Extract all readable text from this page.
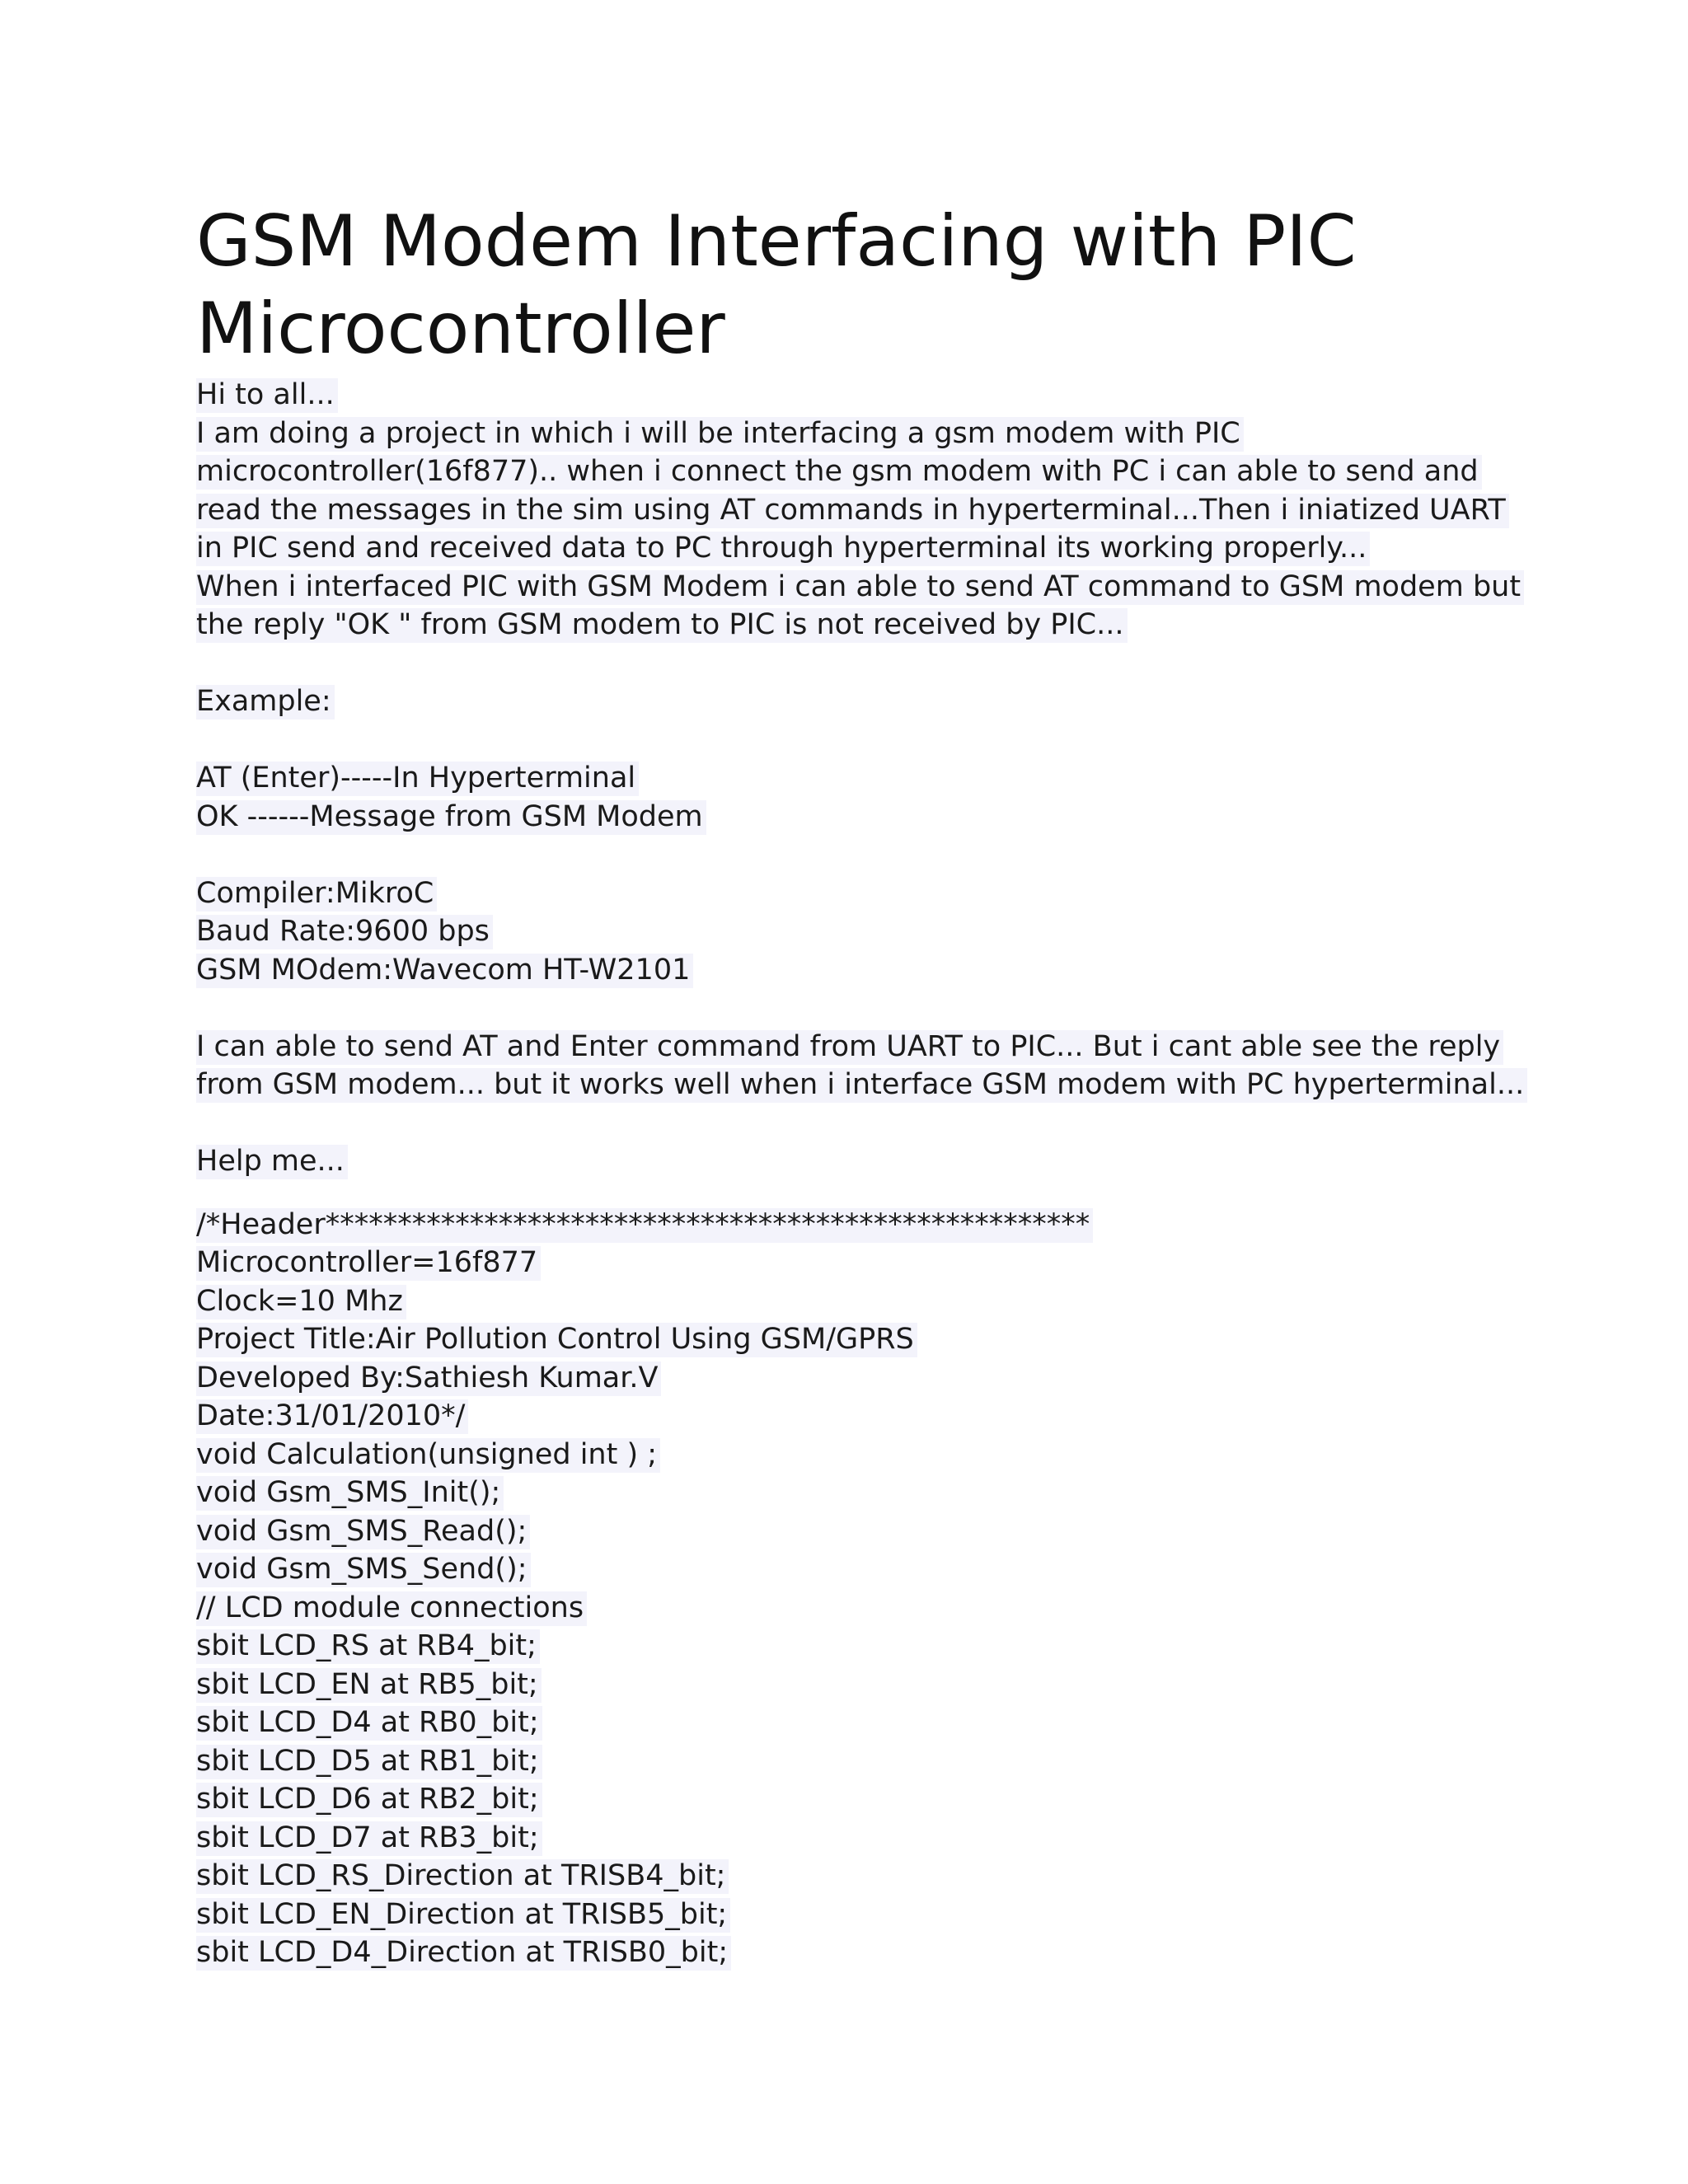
GSM Modem Interfacing with PIC
Microcontroller
Hi to all...
I am doing a project in which i will be interfacing a gsm modem with PIC
microcontroller(16f877).. when i connect the gsm modem with PC i can able to send and
read the messages in the sim using AT commands in hyperterminal...Then i iniatized UART
in PIC send and received data to PC through hyperterminal its working properly...
When i interfaced PIC with GSM Modem i can able to send AT command to GSM modem but
the reply "OK " from GSM modem to PIC is not received by PIC...
Example:
AT (Enter)-----In Hyperterminal
OK ------Message from GSM Modem
Compiler:MikroC
Baud Rate:9600 bps
GSM MOdem:Wavecom HT-W2101
I can able to send AT and Enter command from UART to PIC... But i cant able see the reply
from GSM modem... but it works well when i interface GSM modem with PC hyperterminal...
Help me...
/*Header*****************************************************
Microcontroller=16f877
Clock=10 Mhz
Project Title:Air Pollution Control Using GSM/GPRS
Developed By:Sathiesh Kumar.V
Date:31/01/2010*/
void Calculation(unsigned int ) ;
void Gsm_SMS_Init();
void Gsm_SMS_Read();
void Gsm_SMS_Send();
// LCD module connections
sbit LCD_RS at RB4_bit;
sbit LCD_EN at RB5_bit;
sbit LCD_D4 at RB0_bit;
sbit LCD_D5 at RB1_bit;
sbit LCD_D6 at RB2_bit;
sbit LCD_D7 at RB3_bit;
sbit LCD_RS_Direction at TRISB4_bit;
sbit LCD_EN_Direction at TRISB5_bit;
sbit LCD_D4_Direction at TRISB0_bit;
